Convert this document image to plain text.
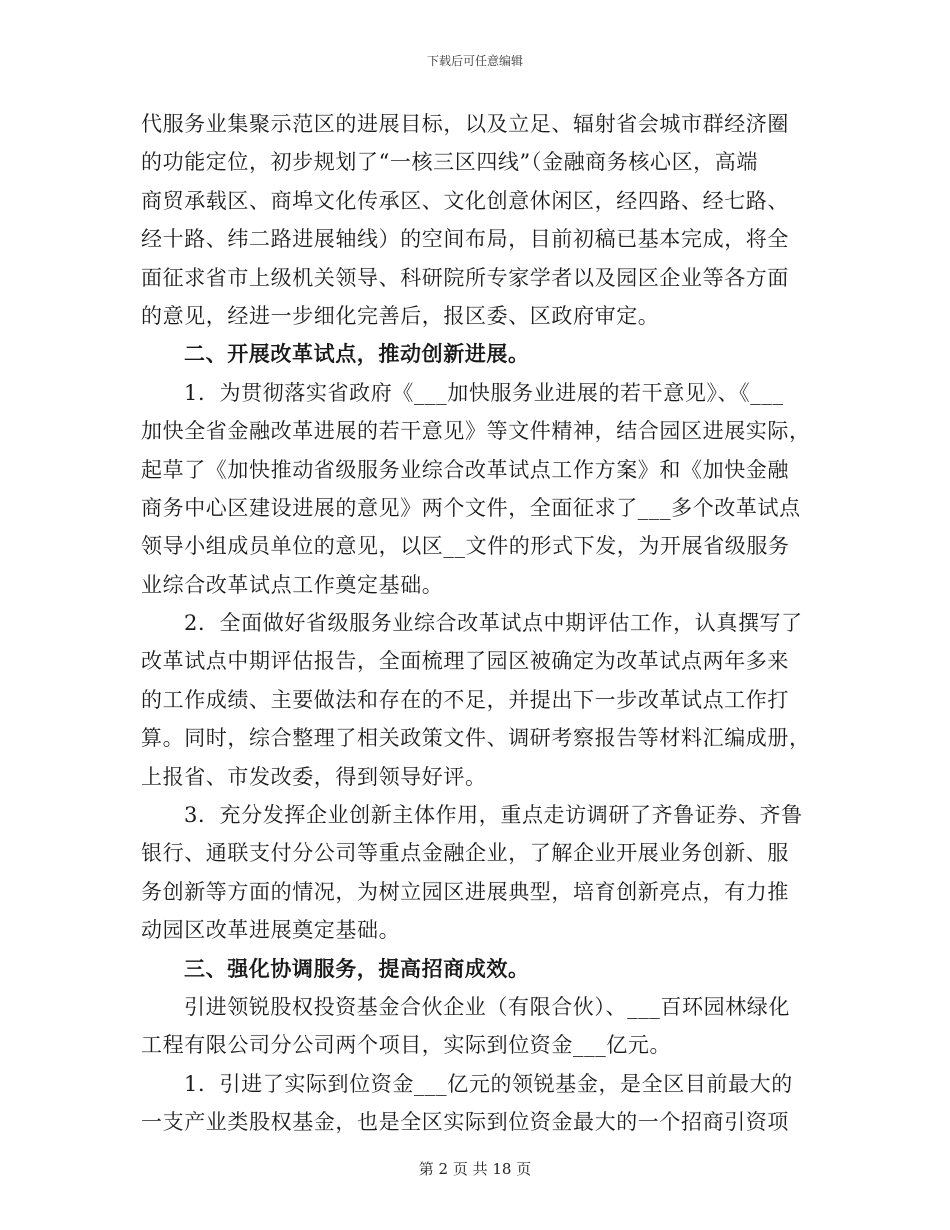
下载后可任意编辑
代服务业集聚示范区的进展目标，以及立足、辐射省会城市群经济圈
的功能定位，初步规划了“一核三区四线”（金融商务核心区，高端
商贸承载区、商埠文化传承区、文化创意休闲区，经四路、经七路、
经十路、纬二路进展轴线）的空间布局，目前初稿已基本完成，将全
面征求省市上级机关领导、科研院所专家学者以及园区企业等各方面
的意见，经进一步细化完善后，报区委、区政府审定。
二、开展改革试点，推动创新进展。
1．为贯彻落实省政府《___加快服务业进展的若干意见》、《___
加快全省金融改革进展的若干意见》等文件精神，结合园区进展实际，
起草了《加快推动省级服务业综合改革试点工作方案》和《加快金融
商务中心区建设进展的意见》两个文件，全面征求了___多个改革试点
领导小组成员单位的意见，以区__文件的形式下发，为开展省级服务
业综合改革试点工作奠定基础。
2．全面做好省级服务业综合改革试点中期评估工作，认真撰写了
改革试点中期评估报告，全面梳理了园区被确定为改革试点两年多来
的工作成绩、主要做法和存在的不足，并提出下一步改革试点工作打
算。同时，综合整理了相关政策文件、调研考察报告等材料汇编成册，
上报省、市发改委，得到领导好评。
3．充分发挥企业创新主体作用，重点走访调研了齐鲁证券、齐鲁
银行、通联支付分公司等重点金融企业，了解企业开展业务创新、服
务创新等方面的情况，为树立园区进展典型，培育创新亮点，有力推
动园区改革进展奠定基础。
三、强化协调服务，提高招商成效。
引进领锐股权投资基金合伙企业（有限合伙）、___百环园林绿化
工程有限公司分公司两个项目，实际到位资金___亿元。
1．引进了实际到位资金___亿元的领锐基金，是全区目前最大的
一支产业类股权基金，也是全区实际到位资金最大的一个招商引资项
第 2 页 共 18 页
